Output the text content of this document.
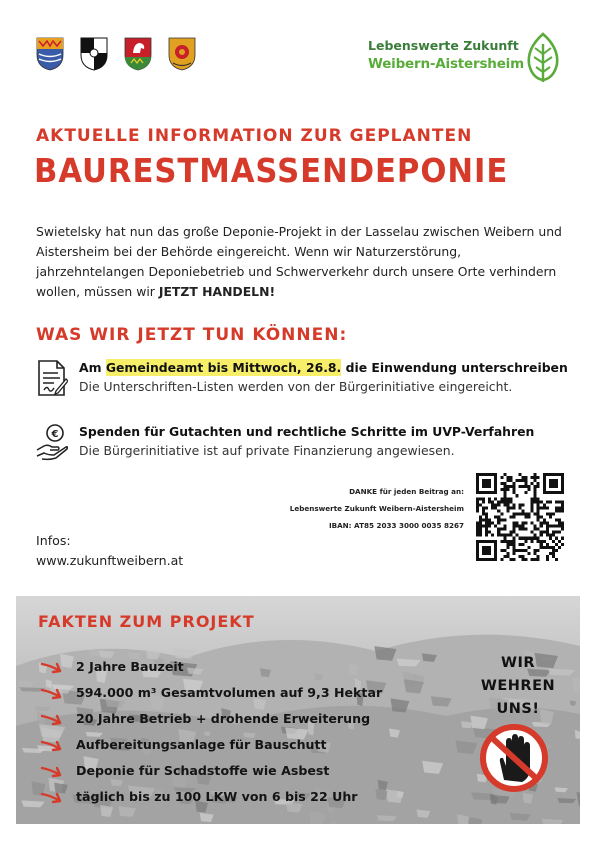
Lebenswerte Zukunft
Weibern-Aistersheim
AKTUELLE INFORMATION ZUR GEPLANTEN
BAURESTMASSENDEPONIE

Swietelsky hat nun das große Deponie-Projekt in der Lasselau zwischen Weibern und Aistersheim bei der Behörde eingereicht. Wenn wir Naturzerstörung, jahrzehntelangen Deponiebetrieb und Schwerverkehr durch unsere Orte verhindern wollen, müssen wir JETZT HANDELN!

WAS WIR JETZT TUN KÖNNEN:
Am Gemeindeamt bis Mittwoch, 26.8. die Einwendung unterschreiben
Die Unterschriften-Listen werden von der Bürgerinitiative eingereicht.
€ Spenden für Gutachten und rechtliche Schritte im UVP-Verfahren
Die Bürgerinitiative ist auf private Finanzierung angewiesen.
DANKE für jeden Beitrag an:
Lebenswerte Zukunft Weibern-Aistersheim
IBAN: AT85 2033 3000 0035 8267
Infos:
www.zukunftweibern.at
FAKTEN ZUM PROJEKT
2 Jahre Bauzeit
594.000 m³ Gesamtvolumen auf 9,3 Hektar
20 Jahre Betrieb + drohende Erweiterung
Aufbereitungsanlage für Bauschutt
Deponie für Schadstoffe wie Asbest
täglich bis zu 100 LKW von 6 bis 22 Uhr
WIR
WEHREN
UNS!
